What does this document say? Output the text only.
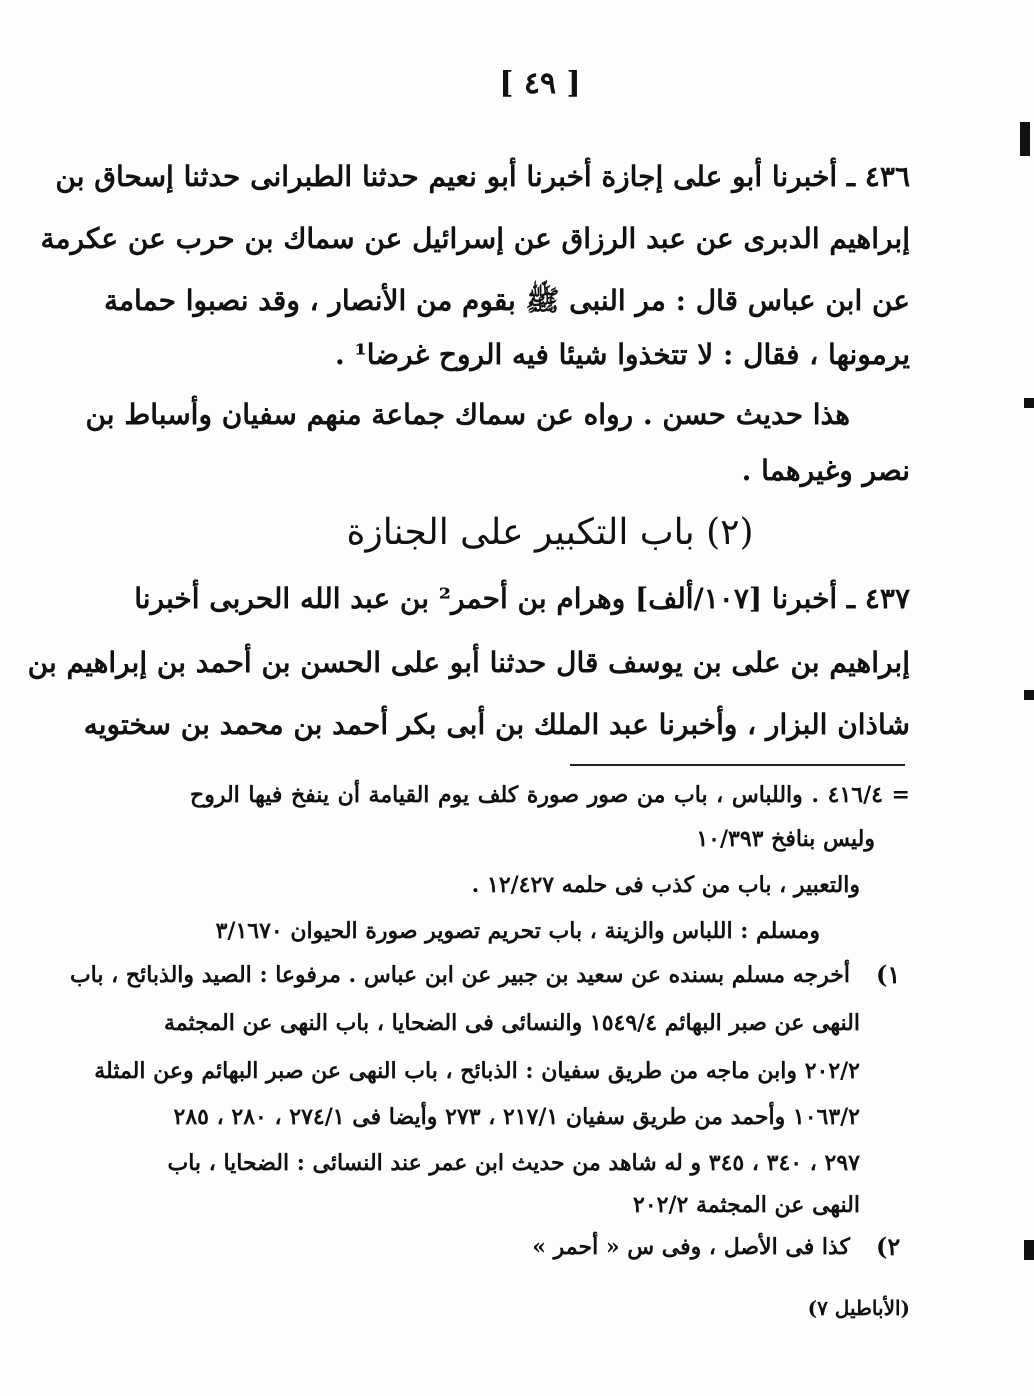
[ ٤٩ ]
٤٣٦ ـ أخبرنا أبو على إجازة أخبرنا أبو نعيم حدثنا الطبرانى حدثنا إسحاق بن
إبراهيم الدبرى عن عبد الرزاق عن إسرائيل عن سماك بن حرب عن عكرمة
عن ابن عباس قال : مر النبى ﷺ بقوم من الأنصار ، وقد نصبوا حمامة
يرمونها ، فقال : لا تتخذوا شيئا فيه الروح غرضا¹ .
هذا حديث حسن . رواه عن سماك جماعة منهم سفيان وأسباط بن
نصر وغيرهما .
(٢) باب التكبير على الجنازة
٤٣٧ ـ أخبرنا [١٠٧/ألف] وهرام بن أحمر² بن عبد الله الحربى أخبرنا
إبراهيم بن على بن يوسف قال حدثنا أبو على الحسن بن أحمد بن إبراهيم بن
شاذان البزار ، وأخبرنا عبد الملك بن أبى بكر أحمد بن محمد بن سختويه
= ٤١٦/٤ . واللباس ، باب من صور صورة كلف يوم القيامة أن ينفخ فيها الروح
وليس بنافخ ١٠/٣٩٣
والتعبير ، باب من كذب فى حلمه ١٢/٤٢٧ .
ومسلم : اللباس والزينة ، باب تحريم تصوير صورة الحيوان ٣/١٦٧٠
١)
أخرجه مسلم بسنده عن سعيد بن جبير عن ابن عباس . مرفوعا : الصيد والذبائح ، باب
النهى عن صبر البهائم ١٥٤٩/٤ والنسائى فى الضحايا ، باب النهى عن المجثمة
٢٠٢/٢ وابن ماجه من طريق سفيان : الذبائح ، باب النهى عن صبر البهائم وعن المثلة
١٠٦٣/٢ وأحمد من طريق سفيان ٢١٧/١ ، ٢٧٣ وأيضا فى ٢٧٤/١ ، ٢٨٠ ، ٢٨٥
٢٩٧ ، ٣٤٠ ، ٣٤٥ و له شاهد من حديث ابن عمر عند النسائى : الضحايا ، باب
النهى عن المجثمة ٢٠٢/٢
٢)
كذا فى الأصل ، وفى س « أحمر »
(الأباطيل ٧)
